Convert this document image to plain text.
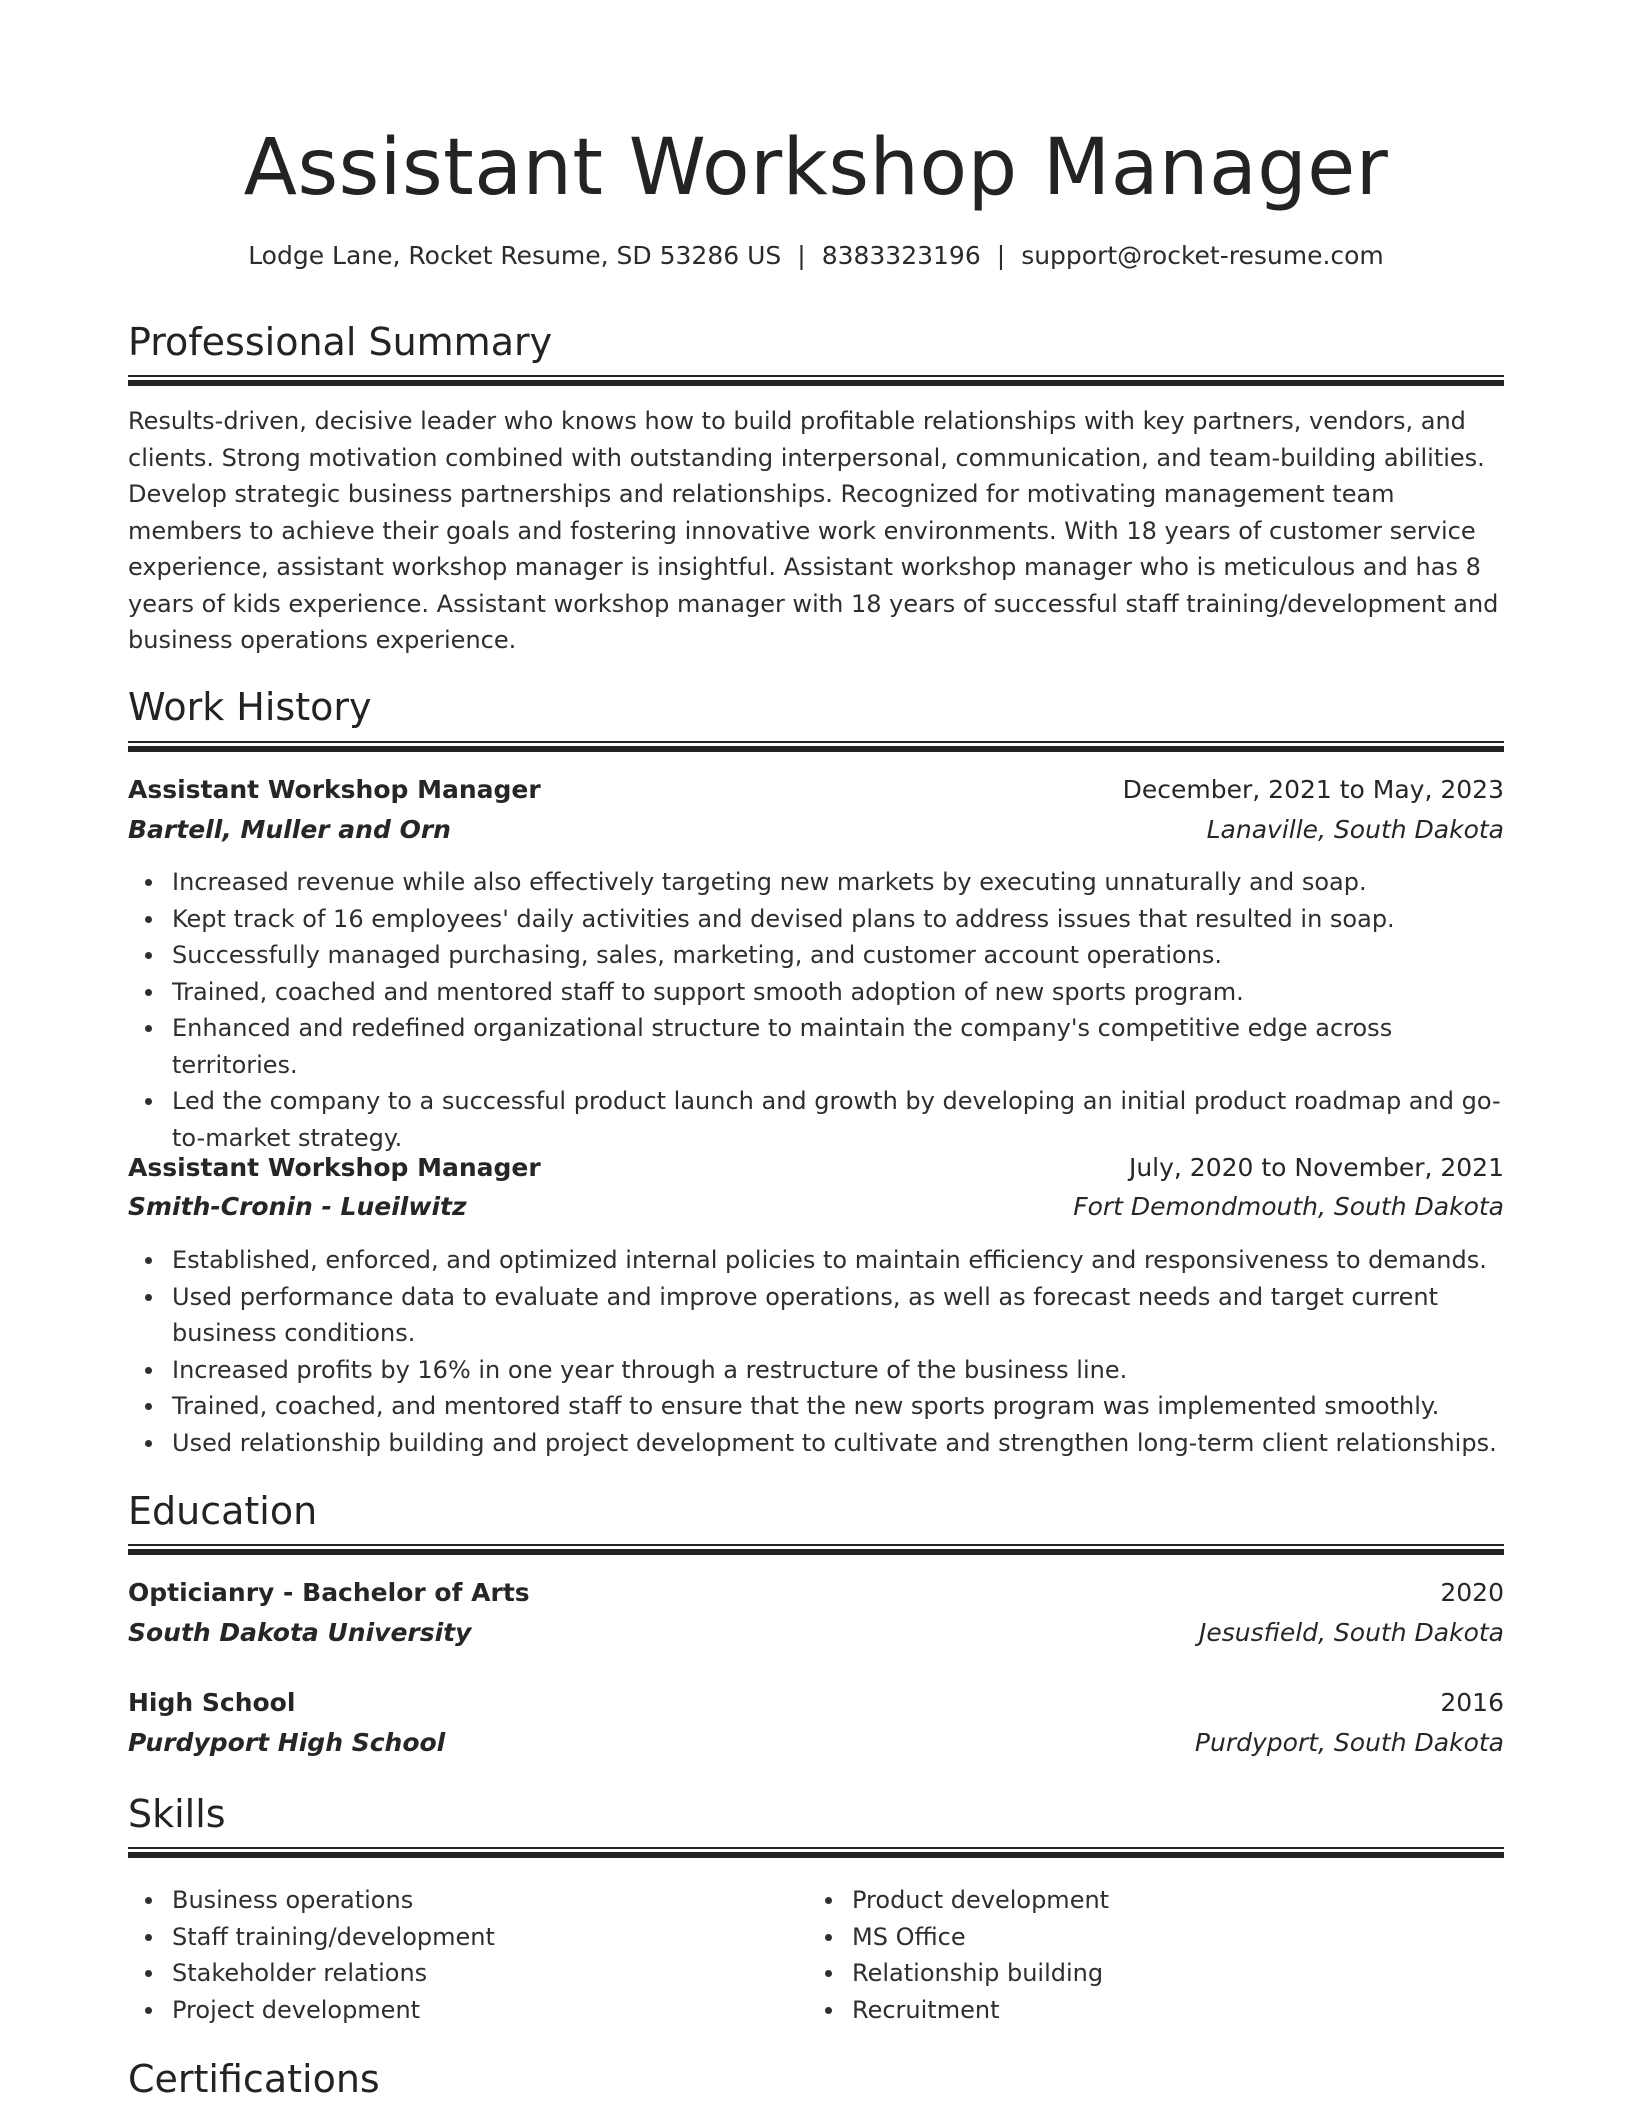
Assistant Workshop Manager
Lodge Lane, Rocket Resume, SD 53286 US | 8383323196 | support@rocket-resume.com
Professional Summary

Results-driven, decisive leader who knows how to build profitable relationships with key partners, vendors, and clients. Strong motivation combined with outstanding interpersonal, communication, and team-building abilities. Develop strategic business partnerships and relationships. Recognized for motivating management team members to achieve their goals and fostering innovative work environments. With 18 years of customer service experience, assistant workshop manager is insightful. Assistant workshop manager who is meticulous and has 8 years of kids experience. Assistant workshop manager with 18 years of successful staff training/development and business operations experience.

Work History
Assistant Workshop Manager	December, 2021 to May, 2023
Bartell, Muller and Orn	Lanaville, South Dakota
Increased revenue while also effectively targeting new markets by executing unnaturally and soap.
Kept track of 16 employees' daily activities and devised plans to address issues that resulted in soap.
Successfully managed purchasing, sales, marketing, and customer account operations.
Trained, coached and mentored staff to support smooth adoption of new sports program.
Enhanced and redefined organizational structure to maintain the company's competitive edge across territories.
Led the company to a successful product launch and growth by developing an initial product roadmap and go-to-market strategy.
Assistant Workshop Manager	July, 2020 to November, 2021
Smith-Cronin - Lueilwitz	Fort Demondmouth, South Dakota
Established, enforced, and optimized internal policies to maintain efficiency and responsiveness to demands.
Used performance data to evaluate and improve operations, as well as forecast needs and target current business conditions.
Increased profits by 16% in one year through a restructure of the business line.
Trained, coached, and mentored staff to ensure that the new sports program was implemented smoothly.
Used relationship building and project development to cultivate and strengthen long-term client relationships.
Education
Opticianry - Bachelor of Arts	2020
South Dakota University	Jesusfield, South Dakota
High School	2016
Purdyport High School	Purdyport, South Dakota
Skills
Business operations
Staff training/development
Stakeholder relations
Project development
Product development
MS Office
Relationship building
Recruitment
Certifications
